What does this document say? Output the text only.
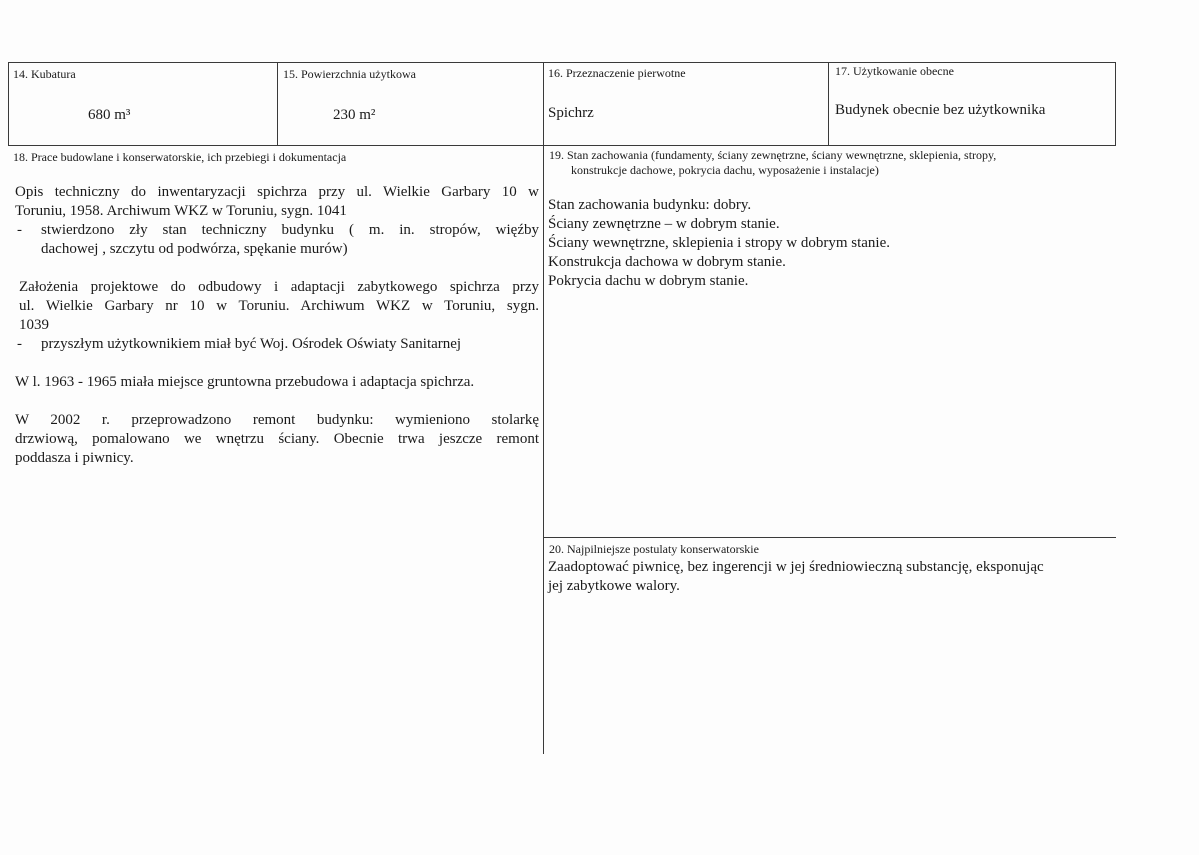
14. Kubatura
680 m³
15. Powierzchnia użytkowa
230 m²
16. Przeznaczenie pierwotne
Spichrz
17. Użytkowanie obecne
Budynek obecnie bez użytkownika
18. Prace budowlane i konserwatorskie, ich przebiegi i dokumentacja

Opis techniczny do inwentaryzacji spichrza przy ul. Wielkie Garbary 10 w

Toruniu, 1958. Archiwum WKZ w Toruniu, sygn. 1041

- stwierdzono zły stan techniczny budynku ( m. in. stropów, więźby

dachowej , szczytu od podwórza, spękanie murów)

Założenia projektowe do odbudowy i adaptacji zabytkowego spichrza przy

ul. Wielkie Garbary nr 10 w Toruniu. Archiwum WKZ w Toruniu, sygn.

1039

- przyszłym użytkownikiem miał być Woj. Ośrodek Oświaty Sanitarnej

W l. 1963 - 1965 miała miejsce gruntowna przebudowa i adaptacja spichrza.

W 2002 r. przeprowadzono remont budynku: wymieniono stolarkę

drzwiową, pomalowano we wnętrzu ściany. Obecnie trwa jeszcze remont

poddasza i piwnicy.

19. Stan zachowania (fundamenty, ściany zewnętrzne, ściany wewnętrzne, sklepienia, stropy,
konstrukcje dachowe, pokrycia dachu, wyposażenie i instalacje)

Stan zachowania budynku: dobry.

Ściany zewnętrzne – w dobrym stanie.

Ściany wewnętrzne, sklepienia i stropy w dobrym stanie.

Konstrukcja dachowa w dobrym stanie.

Pokrycia dachu w dobrym stanie.

20. Najpilniejsze postulaty konserwatorskie

Zaadoptować piwnicę, bez ingerencji w jej średniowieczną substancję, eksponując

jej zabytkowe walory.
